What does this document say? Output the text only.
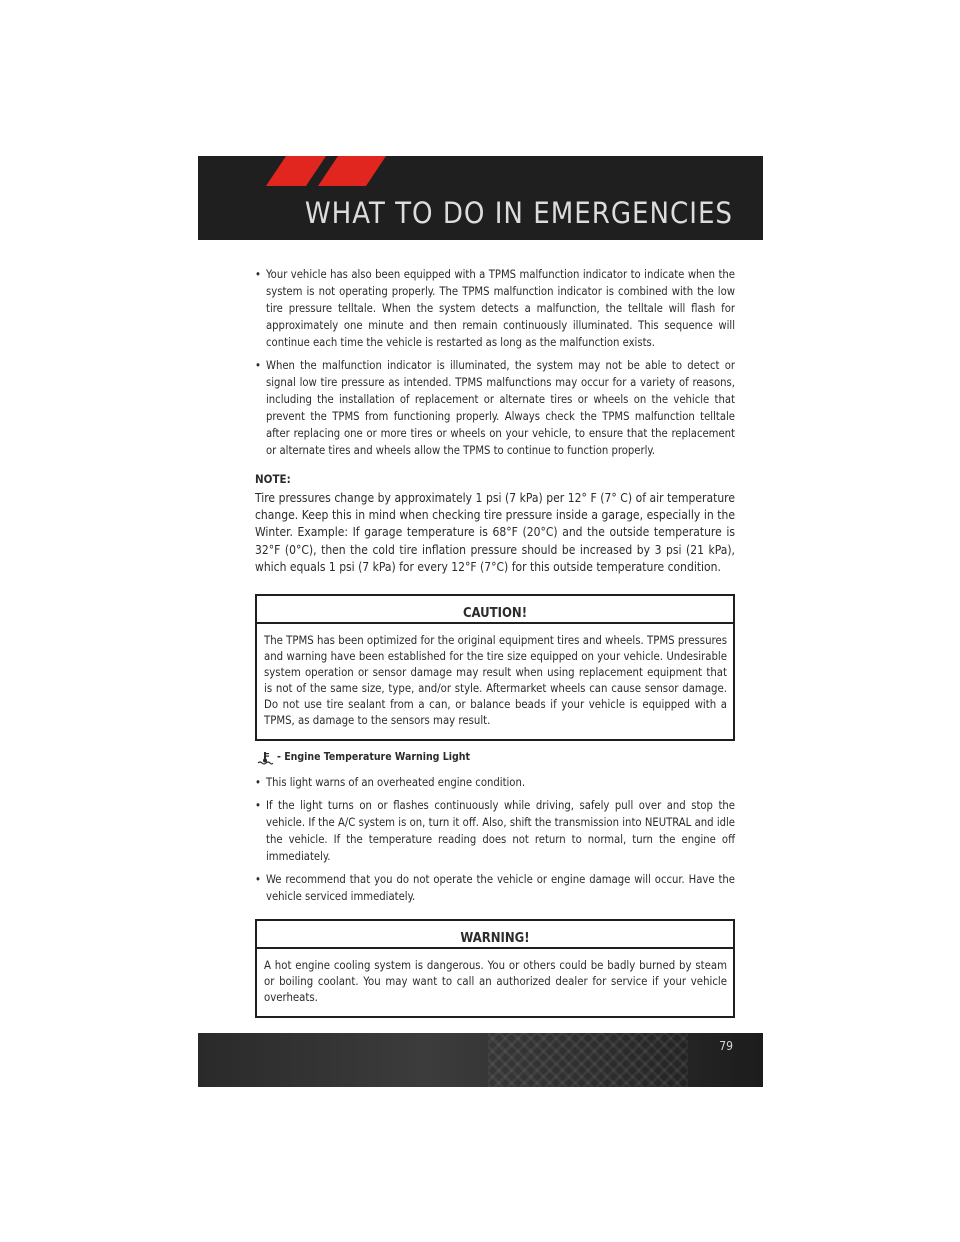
WHAT TO DO IN EMERGENCIES
• Your vehicle has also been equipped with a TPMS malfunction indicator to indicate when the system is not operating properly. The TPMS malfunction indicator is combined with the low tire pressure telltale. When the system detects a malfunction, the telltale will flash for approximately one minute and then remain continuously illuminated. This sequence will continue each time the vehicle is restarted as long as the malfunction exists.
• When the malfunction indicator is illuminated, the system may not be able to detect or signal low tire pressure as intended. TPMS malfunctions may occur for a variety of reasons, including the installation of replacement or alternate tires or wheels on the vehicle that prevent the TPMS from functioning properly. Always check the TPMS malfunction telltale after replacing one or more tires or wheels on your vehicle, to ensure that the replacement or alternate tires and wheels allow the TPMS to continue to function properly.
NOTE:
Tire pressures change by approximately 1 psi (7 kPa) per 12° F (7° C) of air temperature change. Keep this in mind when checking tire pressure inside a garage, especially in the Winter. Example: If garage temperature is 68°F (20°C) and the outside temperature is 32°F (0°C), then the cold tire inflation pressure should be increased by 3 psi (21 kPa), which equals 1 psi (7 kPa) for every 12°F (7°C) for this outside temperature condition.
CAUTION!
The TPMS has been optimized for the original equipment tires and wheels. TPMS pressures and warning have been established for the tire size equipped on your vehicle. Undesirable system operation or sensor damage may result when using replacement equipment that is not of the same size, type, and/or style. Aftermarket wheels can cause sensor damage. Do not use tire sealant from a can, or balance beads if your vehicle is equipped with a TPMS, as damage to the sensors may result.
- Engine Temperature Warning Light
• This light warns of an overheated engine condition.
• If the light turns on or flashes continuously while driving, safely pull over and stop the vehicle. If the A/C system is on, turn it off. Also, shift the transmission into NEUTRAL and idle the vehicle. If the temperature reading does not return to normal, turn the engine off immediately.
• We recommend that you do not operate the vehicle or engine damage will occur. Have the vehicle serviced immediately.
WARNING!
A hot engine cooling system is dangerous. You or others could be badly burned by steam or boiling coolant. You may want to call an authorized dealer for service if your vehicle overheats.
79
